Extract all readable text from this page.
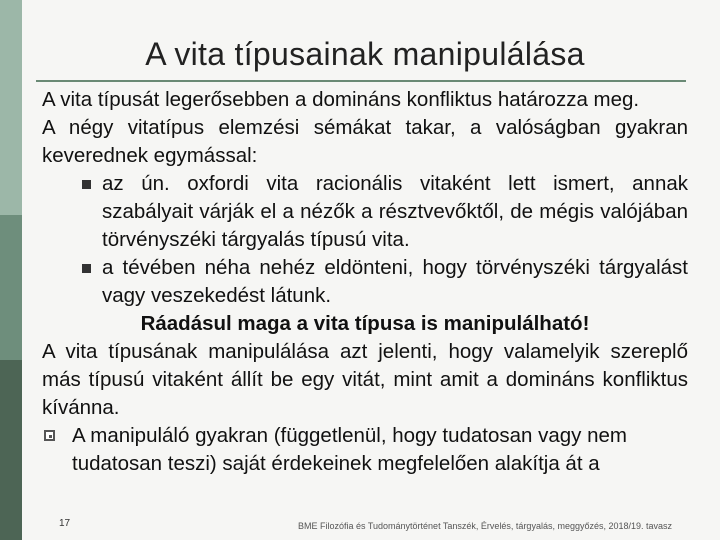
A vita típusainak manipulálása

A vita típusát legerősebben a domináns konfliktus határozza meg.

A négy vitatípus elemzési sémákat takar, a valóságban gyakran keverednek egymással:

az ún. oxfordi vita racionális vitaként lett ismert, annak szabályait várják el a nézők a résztvevőktől, de mégis valójában törvényszéki tárgyalás típusú vita.
a tévében néha nehéz eldönteni, hogy törvényszéki tárgyalást vagy veszekedést látunk.

Ráadásul maga a vita típusa is manipulálható!

A vita típusának manipulálása azt jelenti, hogy valamelyik szereplő más típusú vitaként állít be egy vitát, mint amit a domináns konfliktus kívánna.

A manipuláló gyakran (függetlenül, hogy tudatosan vagy nem
tudatosan teszi) saját érdekeinek megfelelően alakítja át a
17	BME Filozófia és Tudománytörténet Tanszék, Érvelés, tárgyalás, meggyőzés, 2018/19. tavasz
